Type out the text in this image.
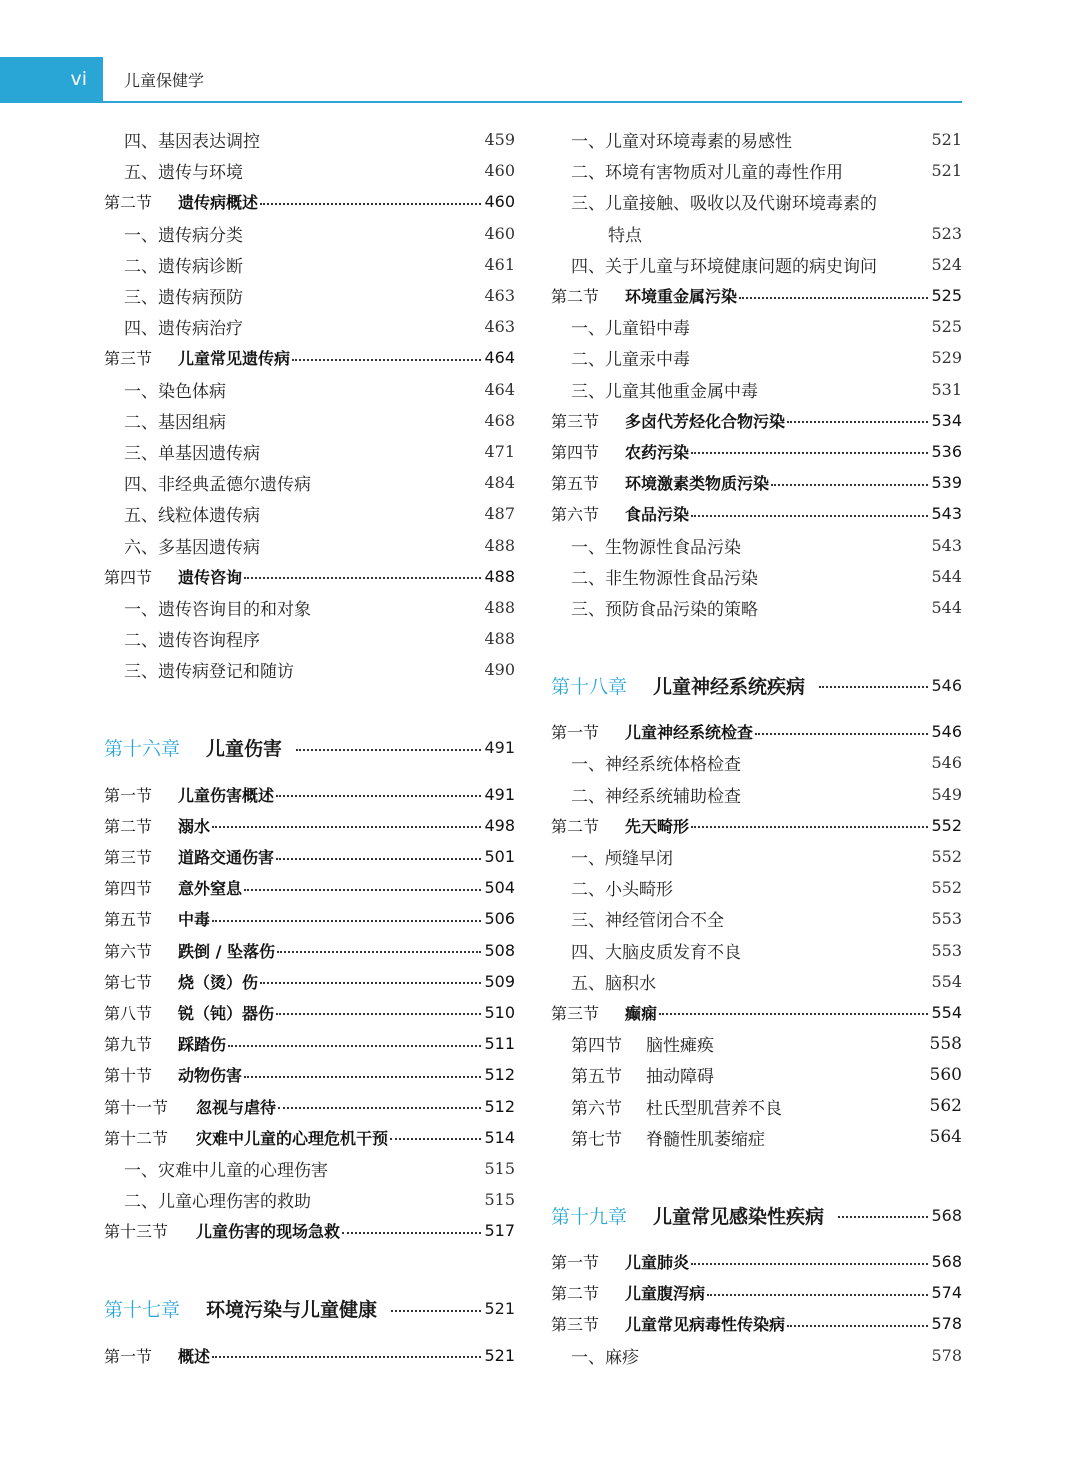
vi	儿童保健学
四、基因表达调控	459
五、遗传与环境	460
第二节 遗传病概述	460
一、遗传病分类	460
二、遗传病诊断	461
三、遗传病预防	463
四、遗传病治疗	463
第三节 儿童常见遗传病	464
一、染色体病	464
二、基因组病	468
三、单基因遗传病	471
四、非经典孟德尔遗传病	484
五、线粒体遗传病	487
六、多基因遗传病	488
第四节 遗传咨询	488
一、遗传咨询目的和对象	488
二、遗传咨询程序	488
三、遗传病登记和随访	490
第十六章 儿童伤害	491
第一节 儿童伤害概述	491
第二节 溺水	498
第三节 道路交通伤害	501
第四节 意外窒息	504
第五节 中毒	506
第六节 跌倒 / 坠落伤	508
第七节 烧（烫）伤	509
第八节 锐（钝）器伤	510
第九节 踩踏伤	511
第十节 动物伤害	512
第十一节 忽视与虐待	512
第十二节 灾难中儿童的心理危机干预	514
一、灾难中儿童的心理伤害	515
二、儿童心理伤害的救助	515
第十三节 儿童伤害的现场急救	517
第十七章 环境污染与儿童健康	521
第一节 概述	521
一、儿童对环境毒素的易感性	521
二、环境有害物质对儿童的毒性作用	521
三、儿童接触、吸收以及代谢环境毒素的
特点	523
四、关于儿童与环境健康问题的病史询问	524
第二节 环境重金属污染	525
一、儿童铅中毒	525
二、儿童汞中毒	529
三、儿童其他重金属中毒	531
第三节 多卤代芳烃化合物污染	534
第四节 农药污染	536
第五节 环境激素类物质污染	539
第六节 食品污染	543
一、生物源性食品污染	543
二、非生物源性食品污染	544
三、预防食品污染的策略	544
第十八章 儿童神经系统疾病	546
第一节 儿童神经系统检查	546
一、神经系统体格检查	546
二、神经系统辅助检查	549
第二节 先天畸形	552
一、颅缝早闭	552
二、小头畸形	552
三、神经管闭合不全	553
四、大脑皮质发育不良	553
五、脑积水	554
第三节 癫痫	554
第四节 脑性瘫痪	558
第五节 抽动障碍	560
第六节 杜氏型肌营养不良	562
第七节 脊髓性肌萎缩症	564
第十九章 儿童常见感染性疾病	568
第一节 儿童肺炎	568
第二节 儿童腹泻病	574
第三节 儿童常见病毒性传染病	578
一、麻疹	578
